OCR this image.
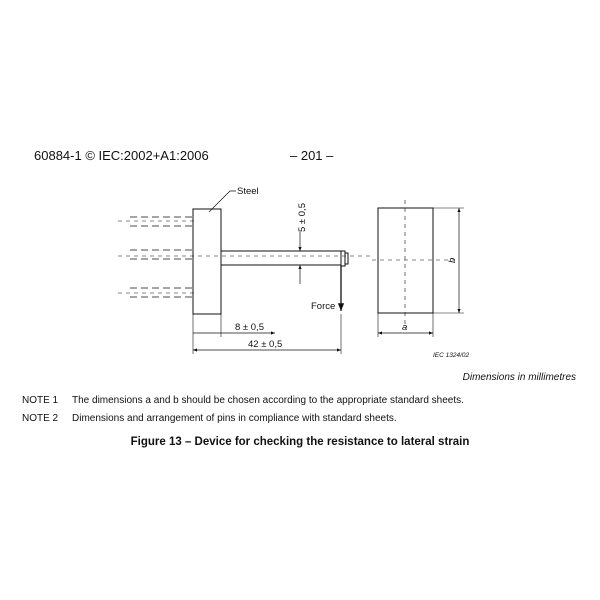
60884-1 © IEC:2002+A1:2006	– 201 –
Steel
5 ± 0,5
Force
8 ± 0,5
42 ± 0,5
b
a
IEC 1324/02
Dimensions in millimetres
NOTE 1 The dimensions a and b should be chosen according to the appropriate standard sheets.
NOTE 2 Dimensions and arrangement of pins in compliance with standard sheets.
Figure 13 – Device for checking the resistance to lateral strain
